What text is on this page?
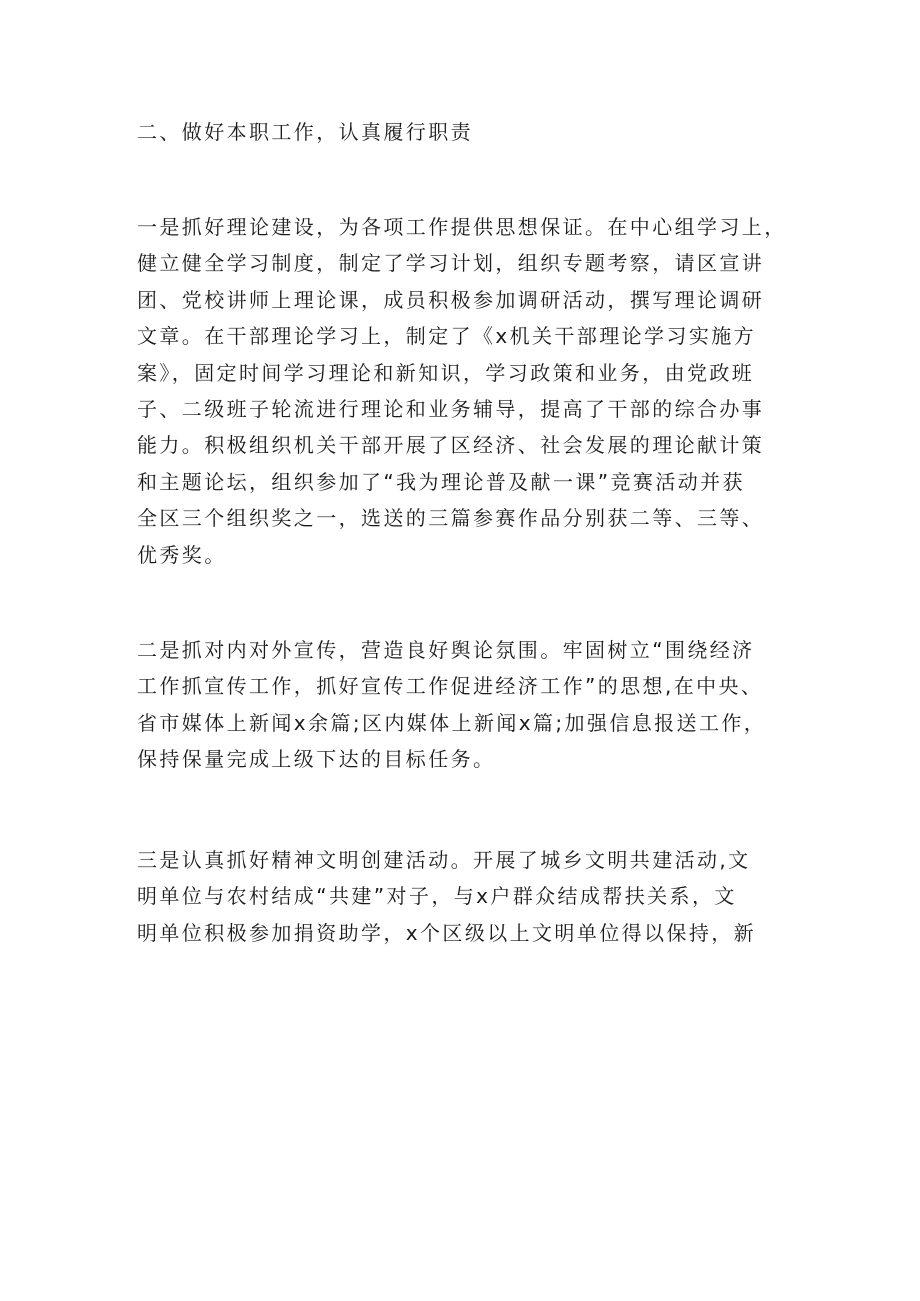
二、做好本职工作，认真履行职责

一是抓好理论建设，为各项工作提供思想保证。在中心组学习上，
健立健全学习制度，制定了学习计划，组织专题考察，请区宣讲
团、党校讲师上理论课，成员积极参加调研活动，撰写理论调研
文章。在干部理论学习上，制定了《x机关干部理论学习实施方
案》，固定时间学习理论和新知识，学习政策和业务，由党政班
子、二级班子轮流进行理论和业务辅导，提高了干部的综合办事
能力。积极组织机关干部开展了区经济、社会发展的理论献计策
和主题论坛，组织参加了“我为理论普及献一课”竞赛活动并获
全区三个组织奖之一，选送的三篇参赛作品分别获二等、三等、
优秀奖。

二是抓对内对外宣传，营造良好舆论氛围。牢固树立“围绕经济
工作抓宣传工作，抓好宣传工作促进经济工作”的思想,在中央、
省市媒体上新闻x余篇;区内媒体上新闻x篇;加强信息报送工作，
保持保量完成上级下达的目标任务。

三是认真抓好精神文明创建活动。开展了城乡文明共建活动,文
明单位与农村结成“共建”对子，与x户群众结成帮扶关系，文
明单位积极参加捐资助学，x个区级以上文明单位得以保持，新
